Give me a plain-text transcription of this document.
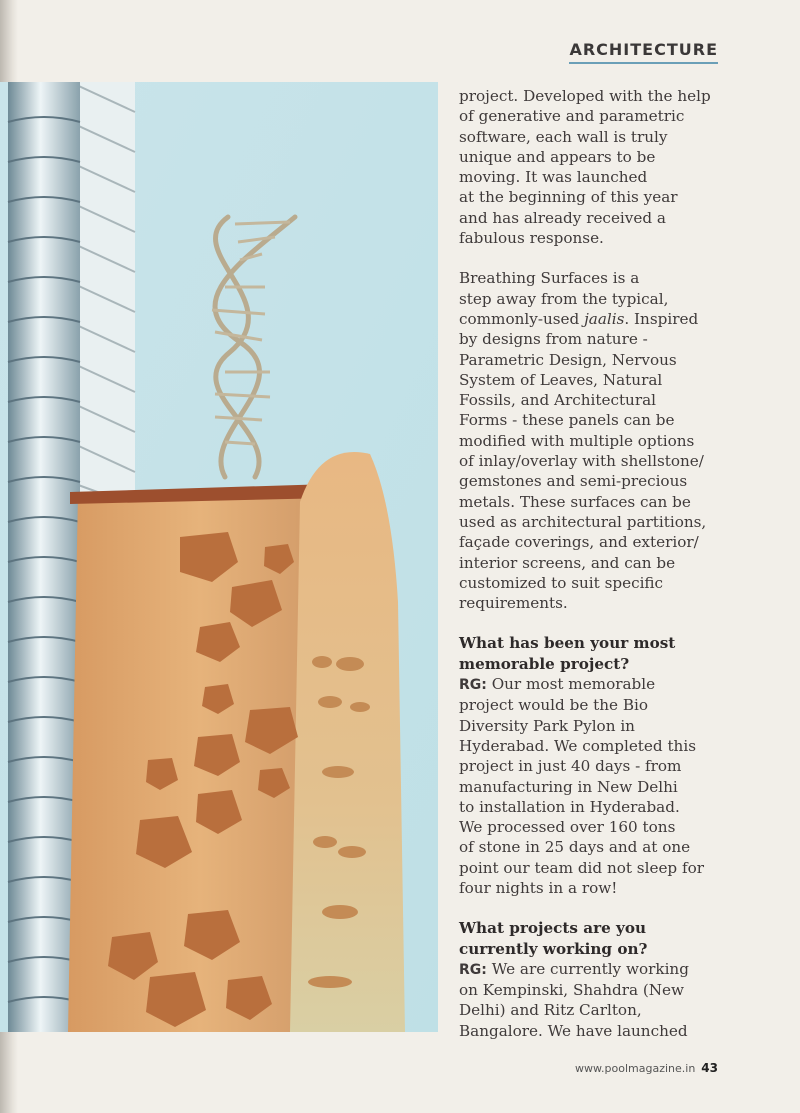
ARCHITECTURE

project. Developed with the help
of generative and parametric
software, each wall is truly
unique and appears to be
moving. It was launched
at the beginning of this year
and has already received a
fabulous response.

Breathing Surfaces is a
step away from the typical,
commonly-used jaalis. Inspired
by designs from nature -
Parametric Design, Nervous
System of Leaves, Natural
Fossils, and Architectural
Forms - these panels can be
modified with multiple options
of inlay/overlay with shellstone/
gemstones and semi-precious
metals. These surfaces can be
used as architectural partitions,
façade coverings, and exterior/
interior screens, and can be
customized to suit specific
requirements.

What has been your most
memorable project?

RG: Our most memorable
project would be the Bio
Diversity Park Pylon in
Hyderabad. We completed this
project in just 40 days - from
manufacturing in New Delhi
to installation in Hyderabad.
We processed over 160 tons
of stone in 25 days and at one
point our team did not sleep for
four nights in a row!

What projects are you
currently working on?

RG: We are currently working
on Kempinski, Shahdra (New
Delhi) and Ritz Carlton,
Bangalore. We have launched

www.poolmagazine.in 43
